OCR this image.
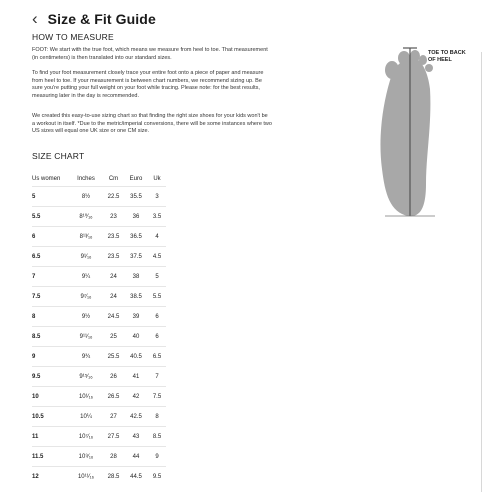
‹ Size & Fit Guide
HOW TO MEASURE

FOOT: We start with the true foot, which means we measure from heel to toe. That measurement (in centimeters) is then translated into our standard sizes.

To find your foot measurement closely trace your entire foot onto a piece of paper and measure from heel to toe. If your measurement is between chart numbers, we recommend sizing up. Be sure you're putting your full weight on your foot while tracing. Please note: for the best results, measuring later in the day is recommended.

We created this easy-to-use sizing chart so that finding the right size shoes for your kids won't be a workout in itself. *Due to the metric/imperial conversions, there will be some instances where two US sizes will equal one UK size or one CM size.

TOE TO BACK OF HEEL
SIZE CHART
Us women	Inches	Cm	Euro	Uk
5	8½	22.5	35.5	3
5.5	8¹⁰⁄₁₆	23	36	3.5
6	8¹³⁄₁₆	23.5	36.5	4
6.5	9¹⁄₁₆	23.5	37.5	4.5
7	9¼	24	38	5
7.5	9⁷⁄₁₆	24	38.5	5.5
8	9½	24.5	39	6
8.5	9¹¹⁄₁₆	25	40	6
9	9¾	25.5	40.5	6.5
9.5	9¹⁵⁄₁₆	26	41	7
10	10¹⁄₁₆	26.5	42	7.5
10.5	10¼	27	42.5	8
11	10⁷⁄₁₆	27.5	43	8.5
11.5	10⁹⁄₁₆	28	44	9
12	10¹¹⁄₁₆	28.5	44.5	9.5
